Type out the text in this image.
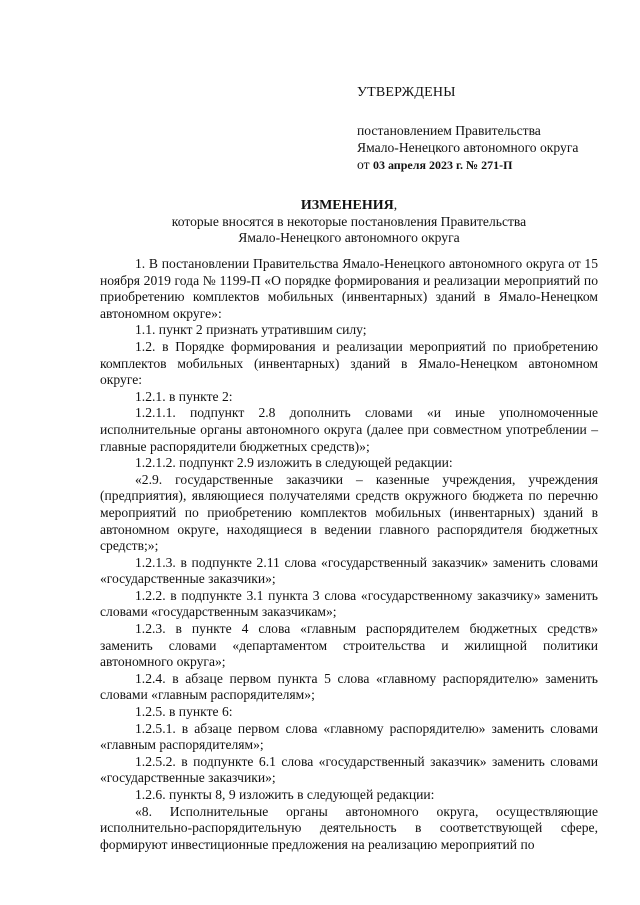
УТВЕРЖДЕНЫ
постановлением Правительства
Ямало-Ненецкого автономного округа
от 03 апреля 2023 г. № 271-П
ИЗМЕНЕНИЯ,
которые вносятся в некоторые постановления Правительства
Ямало-Ненецкого автономного округа

1. В постановлении Правительства Ямало-Ненецкого автономного округа от 15 ноября 2019 года № 1199-П «О порядке формирования и реализации мероприятий по приобретению комплектов мобильных (инвентарных) зданий в Ямало-Ненецком автономном округе»:

1.1. пункт 2 признать утратившим силу;

1.2. в Порядке формирования и реализации мероприятий по приобретению комплектов мобильных (инвентарных) зданий в Ямало-Ненецком автономном округе:

1.2.1. в пункте 2:

1.2.1.1. подпункт 2.8 дополнить словами «и иные уполномоченные исполнительные органы автономного округа (далее при совместном употреблении – главные распорядители бюджетных средств)»;

1.2.1.2. подпункт 2.9 изложить в следующей редакции:

«2.9. государственные заказчики – казенные учреждения, учреждения (предприятия), являющиеся получателями средств окружного бюджета по перечню мероприятий по приобретению комплектов мобильных (инвентарных) зданий в автономном округе, находящиеся в ведении главного распорядителя бюджетных средств;»;

1.2.1.3. в подпункте 2.11 слова «государственный заказчик» заменить словами «государственные заказчики»;

1.2.2. в подпункте 3.1 пункта 3 слова «государственному заказчику» заменить словами «государственным заказчикам»;

1.2.3. в пункте 4 слова «главным распорядителем бюджетных средств» заменить словами «департаментом строительства и жилищной политики автономного округа»;

1.2.4. в абзаце первом пункта 5 слова «главному распорядителю» заменить словами «главным распорядителям»;

1.2.5. в пункте 6:

1.2.5.1. в абзаце первом слова «главному распорядителю» заменить словами «главным распорядителям»;

1.2.5.2. в подпункте 6.1 слова «государственный заказчик» заменить словами «государственные заказчики»;

1.2.6. пункты 8, 9 изложить в следующей редакции:

«8. Исполнительные органы автономного округа, осуществляющие исполнительно-распорядительную деятельность в соответствующей сфере, формируют инвестиционные предложения на реализацию мероприятий по
